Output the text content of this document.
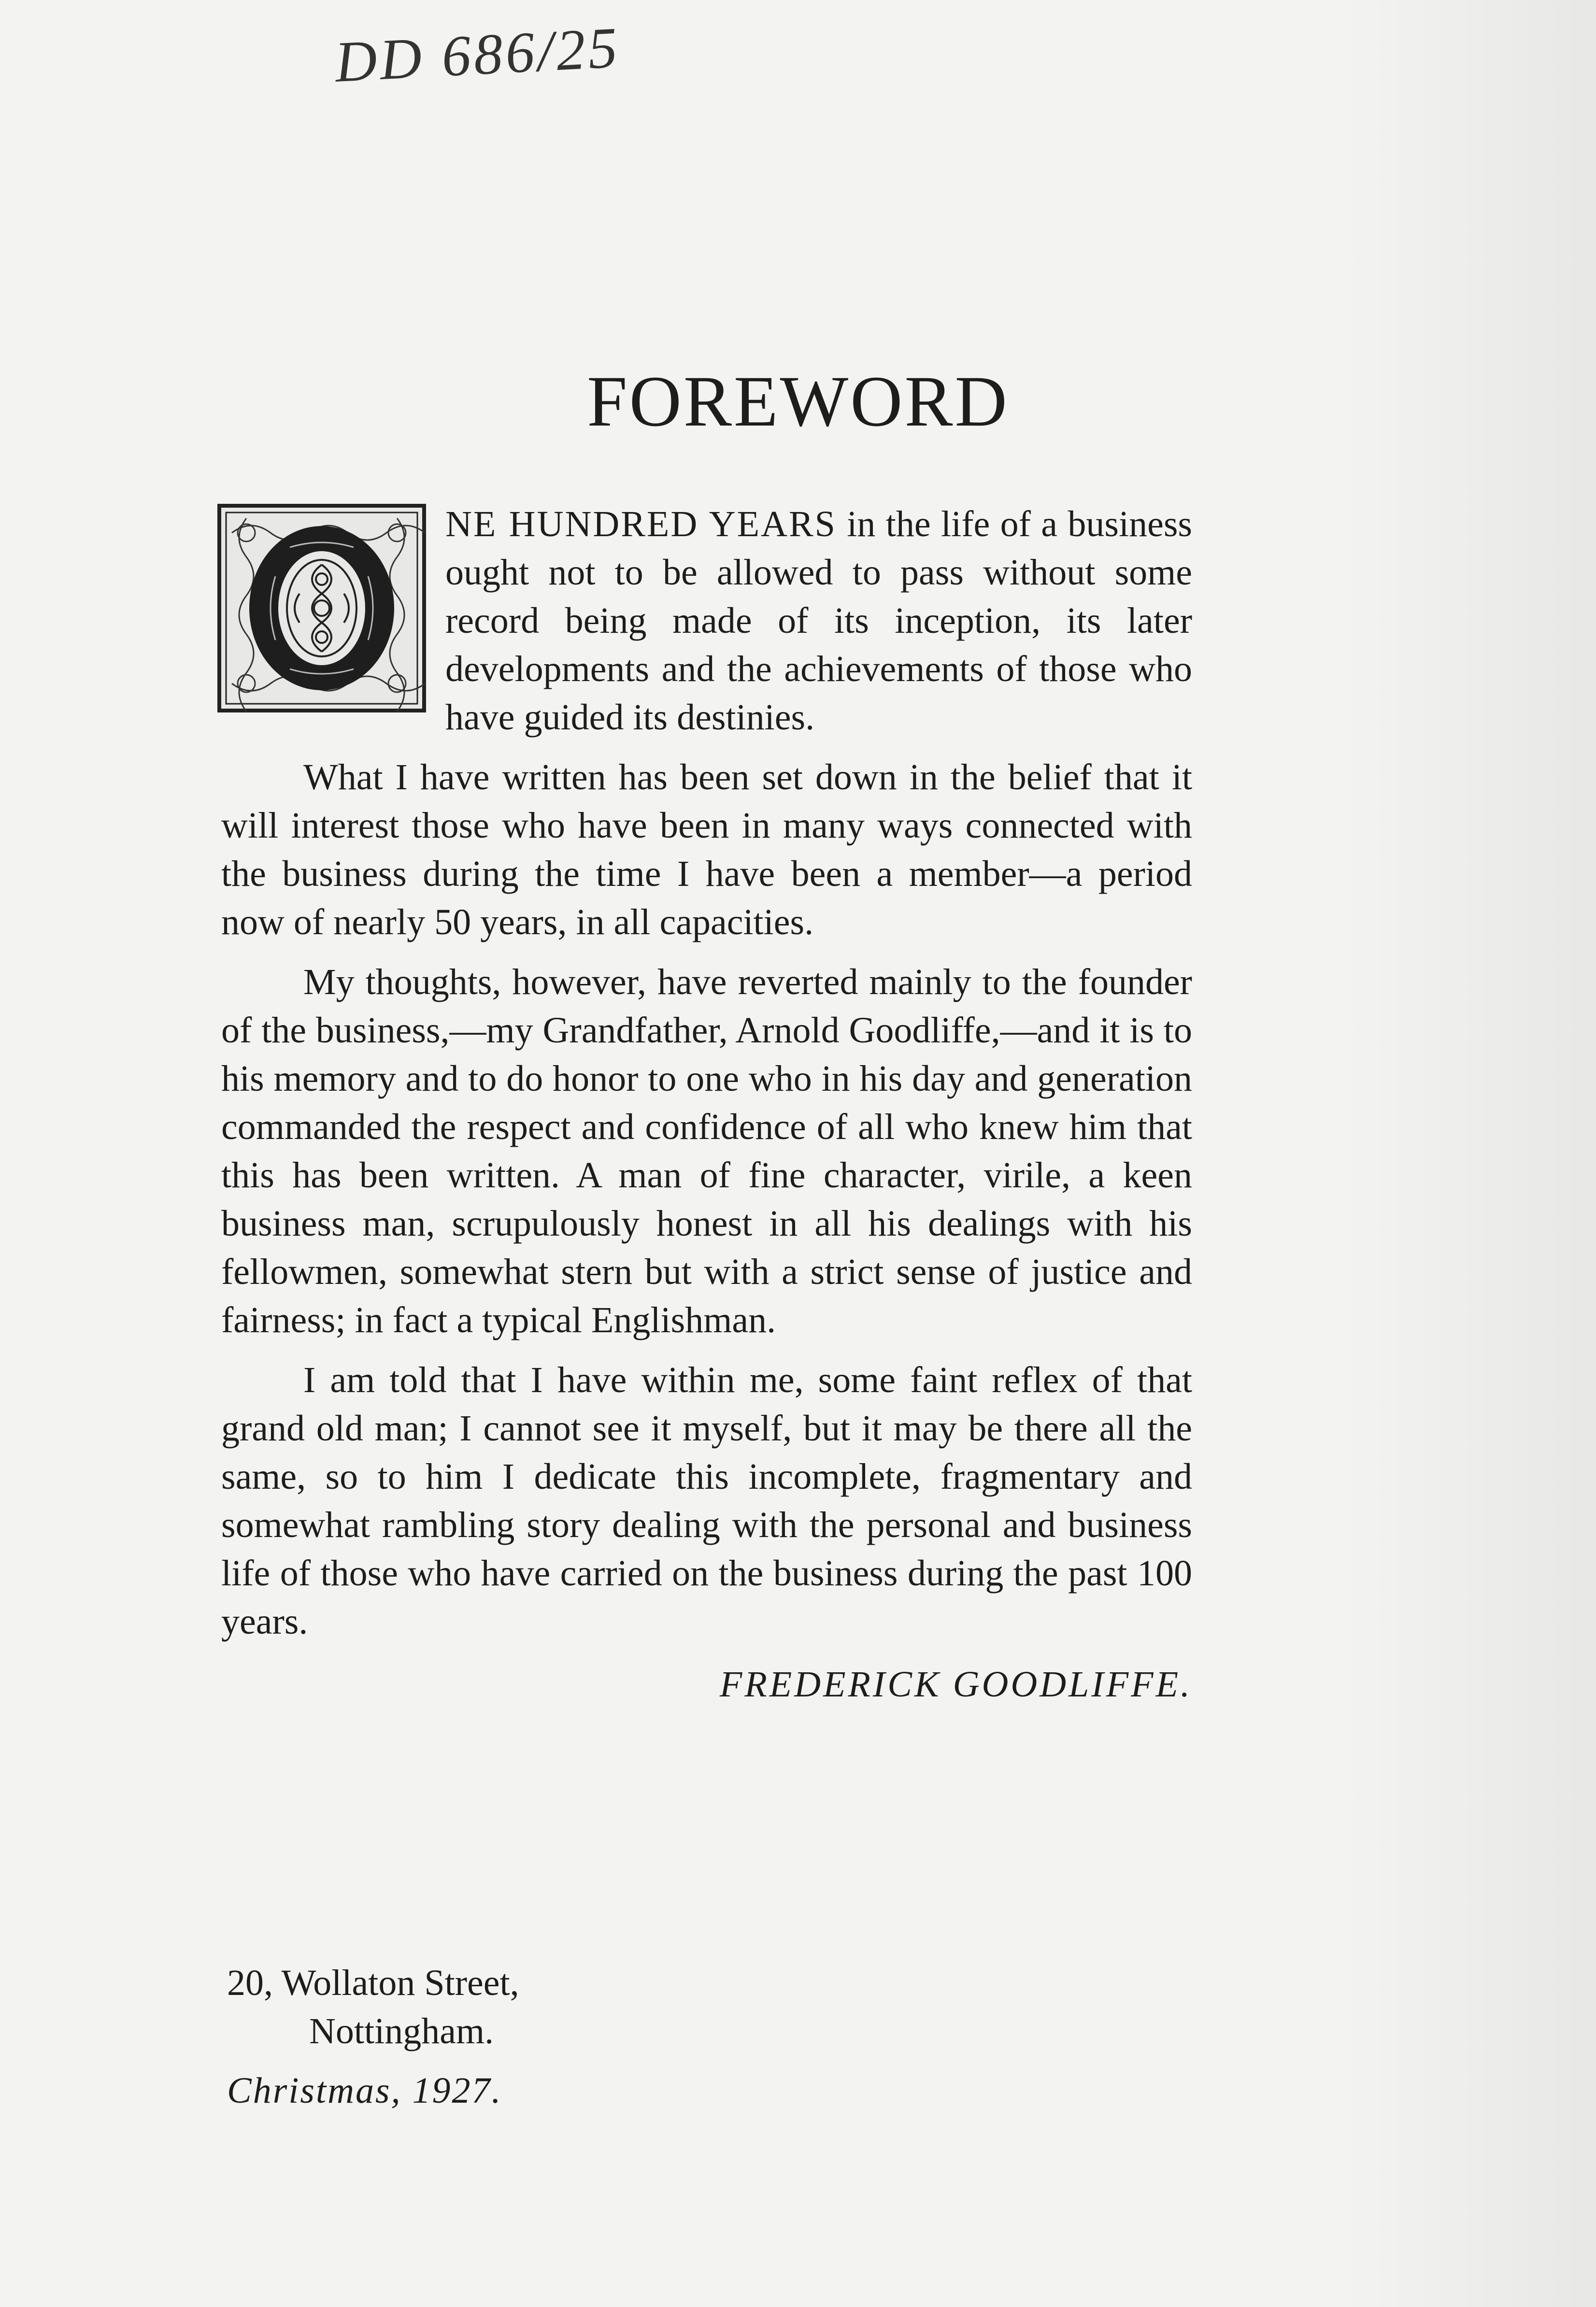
DD 686/25
FOREWORD

NE HUNDRED YEARS in the life of a business ought not to be allowed to pass without some record being made of its inception, its later developments and the achievements of those who have guided its destinies.

What I have written has been set down in the belief that it will interest those who have been in many ways connected with the business during the time I have been a member—a period now of nearly 50 years, in all capacities.

My thoughts, however, have reverted mainly to the founder of the business,—my Grandfather, Arnold Goodliffe,—and it is to his memory and to do honor to one who in his day and generation commanded the respect and confidence of all who knew him that this has been written. A man of fine character, virile, a keen business man, scrupulously honest in all his dealings with his fellowmen, somewhat stern but with a strict sense of justice and fairness; in fact a typical Englishman.

I am told that I have within me, some faint reflex of that grand old man; I cannot see it myself, but it may be there all the same, so to him I dedicate this incomplete, fragmentary and somewhat rambling story dealing with the personal and business life of those who have carried on the business during the past 100 years.

FREDERICK GOODLIFFE.
20, Wollaton Street,
Nottingham.
Christmas, 1927.
